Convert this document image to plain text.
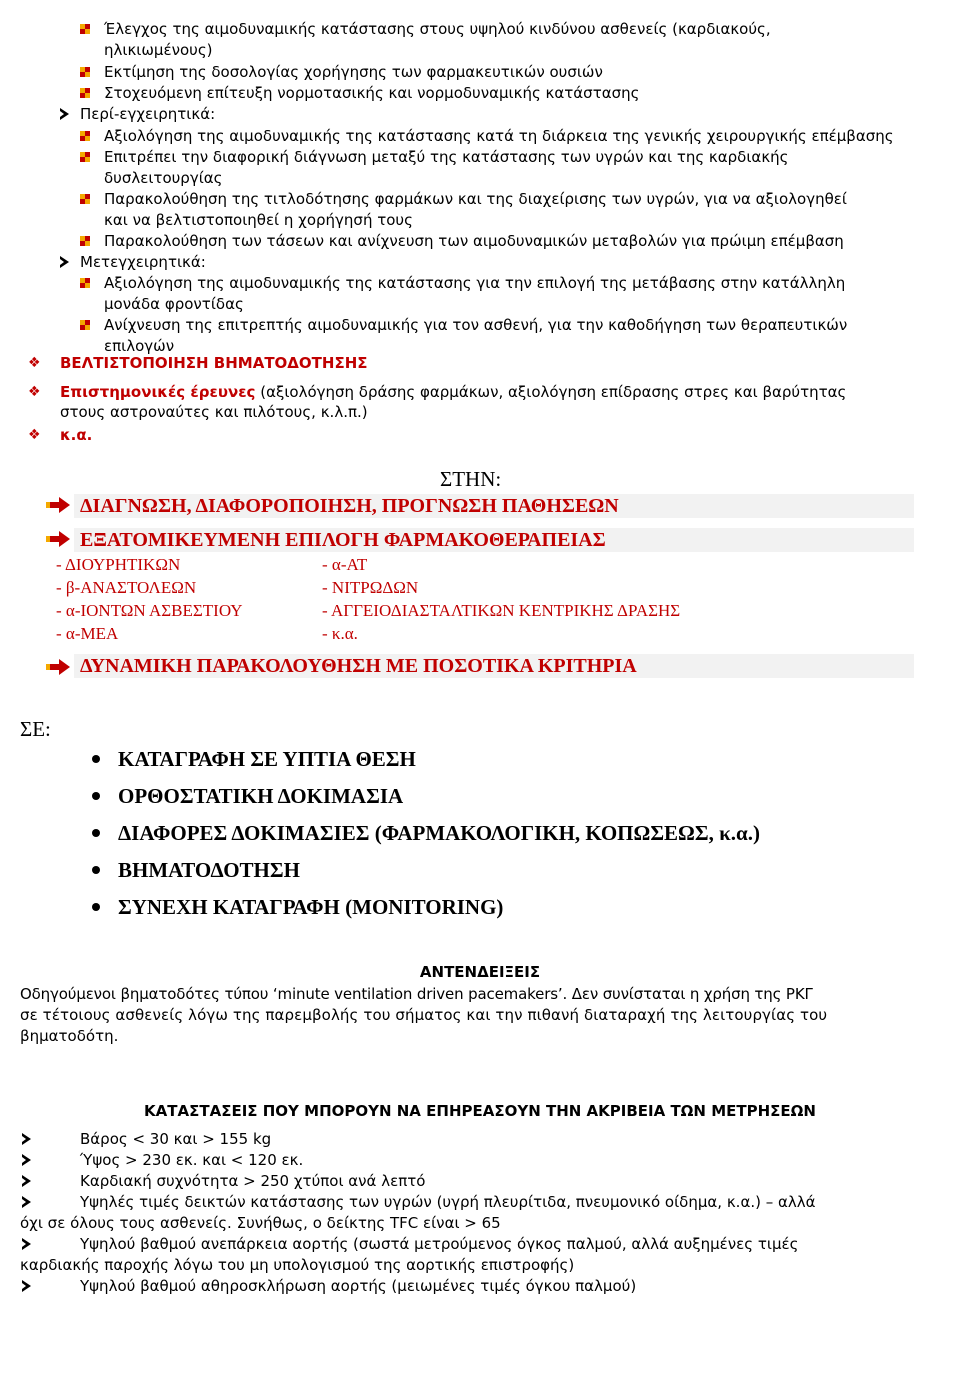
Έλεγχος της αιμοδυναμικής κατάστασης στους υψηλού κινδύνου ασθενείς (καρδιακούς,
ηλικιωμένους)
Εκτίμηση της δοσολογίας χορήγησης των φαρμακευτικών ουσιών
Στοχευόμενη επίτευξη νορμοτασικής και νορμοδυναμικής κατάστασης
Περί-εγχειρητικά:
Αξιολόγηση της αιμοδυναμικής της κατάστασης κατά τη διάρκεια της γενικής χειρουργικής επέμβασης
Επιτρέπει την διαφορική διάγνωση μεταξύ της κατάστασης των υγρών και της καρδιακής
δυσλειτουργίας
Παρακολούθηση της τιτλοδότησης φαρμάκων και της διαχείρισης των υγρών, για να αξιολογηθεί
και να βελτιστοποιηθεί η χορήγησή τους
Παρακολούθηση των τάσεων και ανίχνευση των αιμοδυναμικών μεταβολών για πρώιμη επέμβαση
Μετεγχειρητικά:
Αξιολόγηση της αιμοδυναμικής της κατάστασης για την επιλογή της μετάβασης στην κατάλληλη
μονάδα φροντίδας
Ανίχνευση της επιτρεπτής αιμοδυναμικής για τον ασθενή, για την καθοδήγηση των θεραπευτικών
επιλογών
❖ ΒΕΛΤΙΣΤΟΠΟΙΗΣΗ ΒΗΜΑΤΟΔΟΤΗΣΗΣ
❖ Επιστημονικές έρευνες (αξιολόγηση δράσης φαρμάκων, αξιολόγηση επίδρασης στρες και βαρύτητας
στους αστροναύτες και πιλότους, κ.λ.π.)
❖ κ.α.
ΣΤΗΝ:
ΔΙΑΓΝΩΣΗ, ΔΙΑΦΟΡΟΠΟΙΗΣΗ, ΠΡΟΓΝΩΣΗ ΠΑΘΗΣΕΩΝ
ΕΞΑΤΟΜΙΚΕΥΜΕΝΗ ΕΠΙΛΟΓΗ ΦΑΡΜΑΚΟΘΕΡΑΠΕΙΑΣ
- ΔΙΟΥΡΗΤΙΚΩΝ
- β-ΑΝΑΣΤΟΛΕΩΝ
- α-ΙΟΝΤΩΝ ΑΣΒΕΣΤΙΟΥ
- α-ΜΕΑ
- α-ΑΤ
- ΝΙΤΡΩΔΩΝ
- ΑΓΓΕΙΟΔΙΑΣΤΑΛΤΙΚΩΝ ΚΕΝΤΡΙΚΗΣ ΔΡΑΣΗΣ
- κ.α.
ΔΥΝΑΜΙΚΗ ΠΑΡΑΚΟΛΟΥΘΗΣΗ ΜΕ ΠΟΣΟΤΙΚΑ ΚΡΙΤΗΡΙΑ
ΣΕ:
ΚΑΤΑΓΡΑΦΗ ΣΕ ΥΠΤΙΑ ΘΕΣΗ
ΟΡΘΟΣΤΑΤΙΚΗ ΔΟΚΙΜΑΣΙΑ
ΔΙΑΦΟΡΕΣ ΔΟΚΙΜΑΣΙΕΣ (ΦΑΡΜΑΚΟΛΟΓΙΚΗ, ΚΟΠΩΣΕΩΣ, κ.α.)
ΒΗΜΑΤΟΔΟΤΗΣΗ
ΣΥΝΕΧΗ ΚΑΤΑΓΡΑΦΗ (MONITORING)
ΑΝΤΕΝΔΕΙΞΕΙΣ
Οδηγούμενοι βηματοδότες τύπου ‘minute ventilation driven pacemakers’. Δεν συνίσταται η χρήση της ΡΚΓ
σε τέτοιους ασθενείς λόγω της παρεμβολής του σήματος και την πιθανή διαταραχή της λειτουργίας του
βηματοδότη.
ΚΑΤΑΣΤΑΣΕΙΣ ΠΟΥ ΜΠΟΡΟΥΝ ΝΑ ΕΠΗΡΕΑΣΟΥΝ ΤΗΝ ΑΚΡΙΒΕΙΑ ΤΩΝ ΜΕΤΡΗΣΕΩΝ
Βάρος < 30 και > 155 kg
Ύψος > 230 εκ. και < 120 εκ.
Καρδιακή συχνότητα > 250 χτύποι ανά λεπτό
Υψηλές τιμές δεικτών κατάστασης των υγρών (υγρή πλευρίτιδα, πνευμονικό οίδημα, κ.α.) – αλλά
όχι σε όλους τους ασθενείς. Συνήθως, ο δείκτης TFC είναι > 65
Υψηλού βαθμού ανεπάρκεια αορτής (σωστά μετρούμενος όγκος παλμού, αλλά αυξημένες τιμές
καρδιακής παροχής λόγω του μη υπολογισμού της αορτικής επιστροφής)
Υψηλού βαθμού αθηροσκλήρωση αορτής (μειωμένες τιμές όγκου παλμού)
